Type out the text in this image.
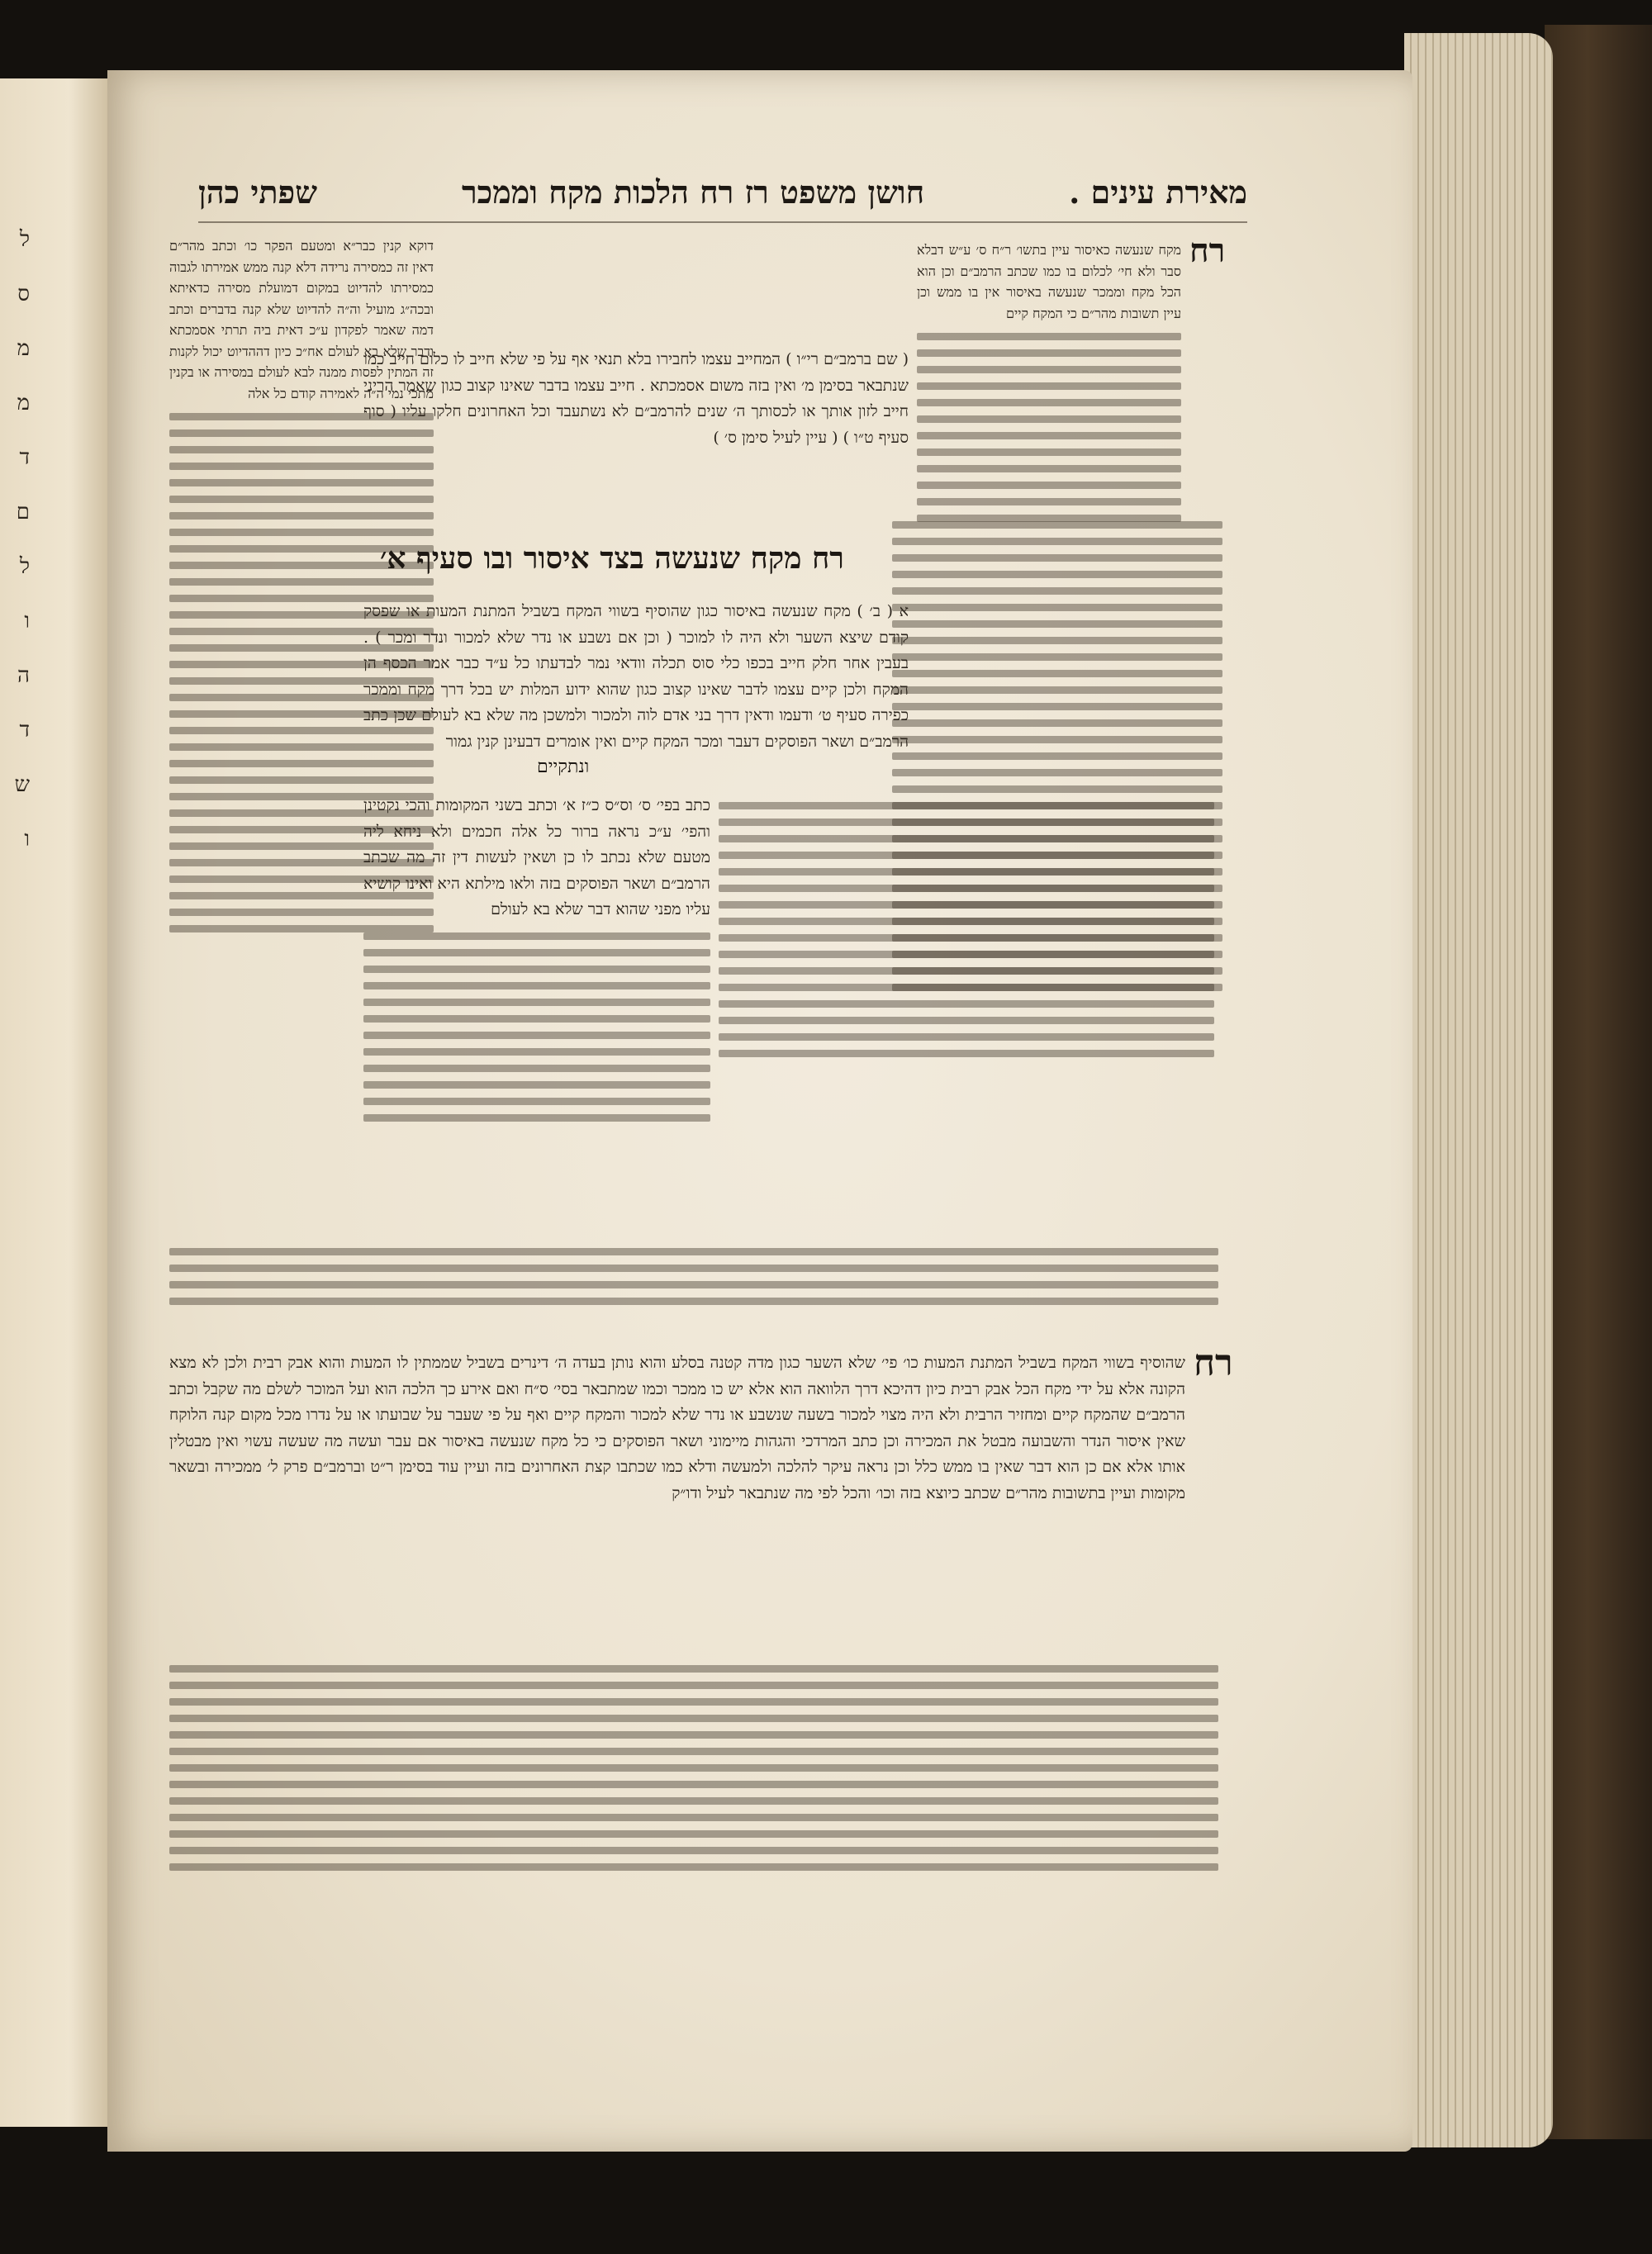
ל
ס
מ
מ
ד
ם
ל
ו
ה
ד
ש
ו
שפתי כהן	חושן משפט רז רח הלכות מקח וממכר	מאירת עינים .
רח

מקח שנעשה כאיסור עיין בתשו׳ ר״ח ס׳ ע״ש דבלא סבר ולא חי׳ לכלום בו כמו שכתב הרמב״ם וכן הוא הכל מקח וממכר שנעשה באיסור אין בו ממש וכן עיין תשובות מהר״ם כי המקח קיים

( שם ברמב״ם רי״ו ) המחייב עצמו לחבירו בלא תנאי אף על פי שלא חייב לו כלום חייב כמו שנתבאר בסימן מ׳ ואין בזה משום אסמכתא . חייב עצמו בדבר שאינו קצוב כגון שאמר הריני חייב לזון אותך או לכסותך ה׳ שנים להרמב״ם לא נשתעבד וכל האחרונים חלקו עליו ( סוף סעיף ט״ו ) ( עיין לעיל סימן ס׳ )

דוקא קנין כבר״א ומטעם הפקר כו׳ וכתב מהר״ם דאין זה כמסירה נרידה דלא קנה ממש אמירתו לגבוה כמסירתו להדיוט במקום דמועלת מסירה כדאיתא ובכה״ג מועיל וה״ה להדיוט שלא קנה בדברים וכתב דמה שאמר לפקדון ע״כ דאית ביה תרתי אסמכתא ודבר שלא בא לעולם אח״כ כיון דההדיוט יכול לקנות זה המתין לפסות ממנה לבא לעולם במסירה או בקנין מתכי נמי ה״ה לאמירה קודם כל אלה

רח מקח שנעשה בצד איסור ובו סעיף א׳
ונתקיים

א ( ב׳ ) מקח שנעשה באיסור כגון שהוסיף בשווי המקח בשביל המתנת המעות או שפסק קודם שיצא השער ולא היה לו למוכר ( וכן אם נשבע או נדר שלא למכור ונדר ומכר ) . בעבין אחר חלק חייב בכפו כלי סוס תכלה וודאי נמר לבדעתו כל ע״ד כבר אמר הכסף הן המקח ולכן קיים עצמו לדבר שאינו קצוב כגון שהוא ידוע המלות יש בכל דרך מקח וממכר כפירה סעיף ט׳ ודעמו ודאין דרך בני אדם לוה ולמכור ולמשכן מה שלא בא לעולם שכן כתב הרמב״ם ושאר הפוסקים דעבר ומכר המקח קיים ואין אומרים דבעינן קנין גמור

כתב בפי׳ ס׳ וס״ס כ״ז א׳ וכתב בשני המקומות והכי נקטינן והפי׳ ע״כ נראה ברור כל אלה חכמים ולא ניחא ליה מטעם שלא נכתב לו כן ושאין לעשות דין זה מה שכתב הרמב״ם ושאר הפוסקים בזה ולאו מילתא היא ואינו קושיא עליו מפני שהוא דבר שלא בא לעולם

רח

שהוסיף בשווי המקח בשביל המתנת המעות כו׳ פי׳ שלא השער כגון מדה קטנה בסלע והוא נותן בעדה ה׳ דינרים בשביל שממתין לו המעות והוא אבק רבית ולכן לא מצא הקונה אלא על ידי מקח הכל אבק רבית כיון דהיכא דרך הלוואה הוא אלא יש כו ממכר וכמו שמתבאר בסי׳ ס״ח ואם אירע כך הלכה הוא ועל המוכר לשלם מה שקבל וכתב הרמב״ם שהמקח קיים ומחזיר הרבית ולא היה מצוי למכור בשעה שנשבע או נדר שלא למכור והמקח קיים ואף על פי שעבר על שבועתו או על נדרו מכל מקום קנה הלוקח שאין איסור הנדר והשבועה מבטל את המכירה וכן כתב המרדכי והגהות מיימוני ושאר הפוסקים כי כל מקח שנעשה באיסור אם עבר ועשה מה שעשה עשוי ואין מבטלין אותו אלא אם כן הוא דבר שאין בו ממש כלל וכן נראה עיקר להלכה ולמעשה ודלא כמו שכתבו קצת האחרונים בזה ועיין עוד בסימן ר״ט וברמב״ם פרק ל׳ ממכירה ובשאר מקומות ועיין בתשובות מהר״ם שכתב כיוצא בזה וכו׳ והכל לפי מה שנתבאר לעיל ודו״ק
